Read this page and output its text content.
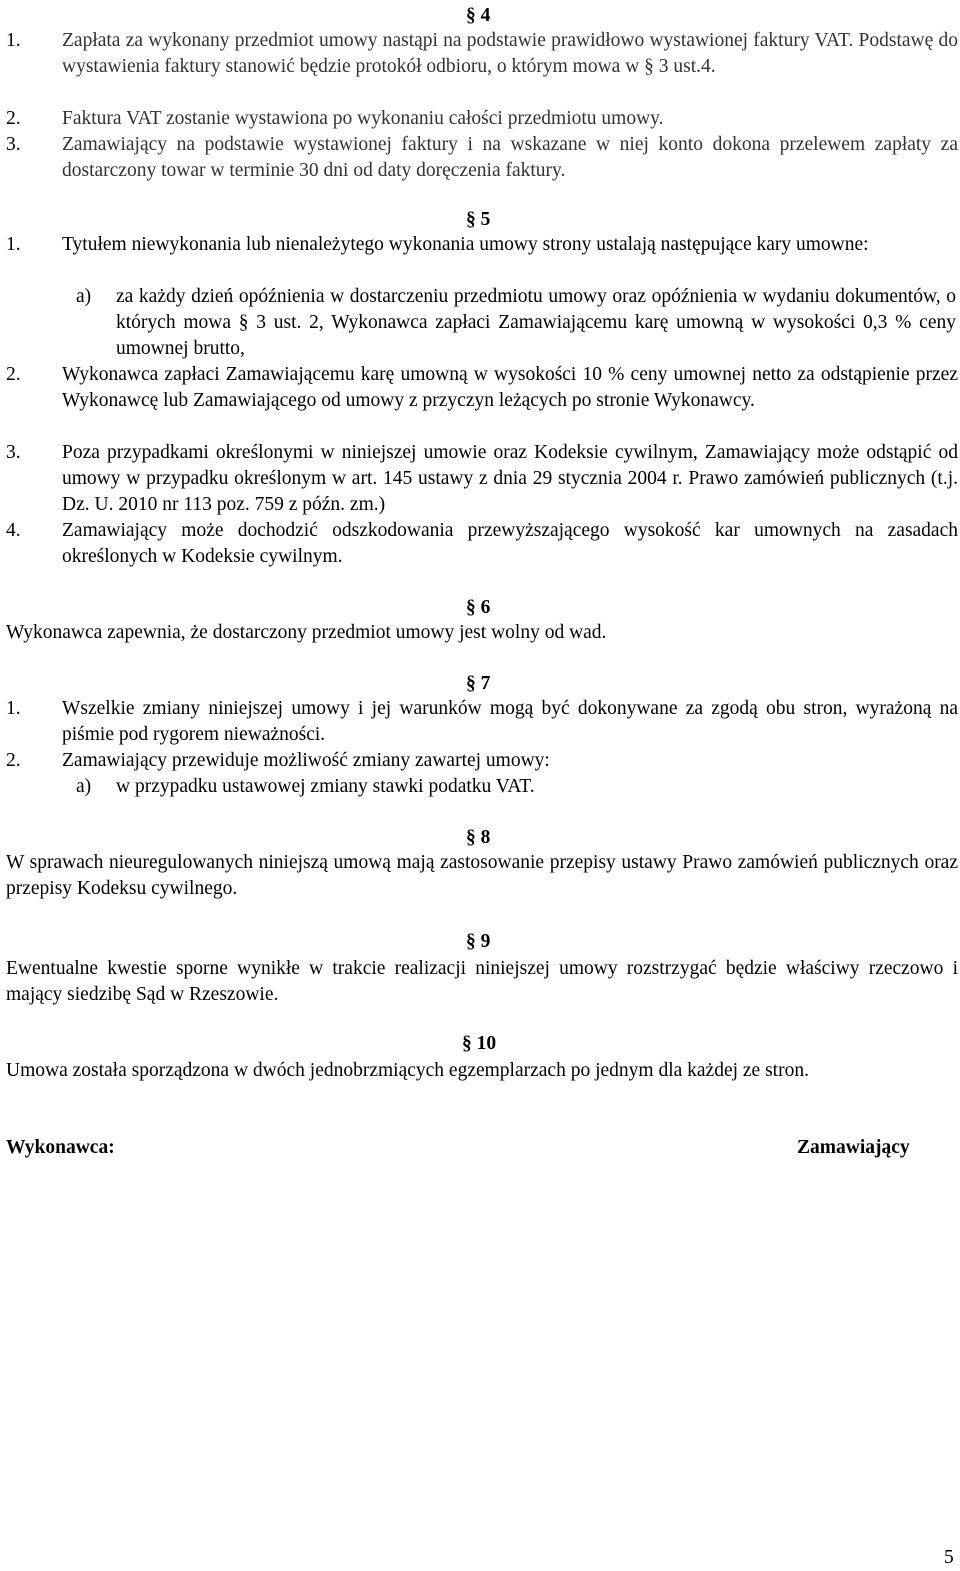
§ 4
1.	Zapłata za wykonany przedmiot umowy nastąpi na podstawie prawidłowo wystawionej faktury VAT. Podstawę do wystawienia faktury stanowić będzie protokół odbioru, o którym mowa w § 3 ust.4.
2.	Faktura VAT zostanie wystawiona po wykonaniu całości przedmiotu umowy.
3.	Zamawiający na podstawie wystawionej faktury i na wskazane w niej konto dokona przelewem zapłaty za dostarczony towar w terminie 30 dni od daty doręczenia faktury.
§ 5
1.	Tytułem niewykonania lub nienależytego wykonania umowy strony ustalają następujące kary umowne:
a) za każdy dzień opóźnienia w dostarczeniu przedmiotu umowy oraz opóźnienia w wydaniu dokumentów, o których mowa § 3 ust. 2, Wykonawca zapłaci Zamawiającemu karę umowną w wysokości 0,3 % ceny umownej brutto,
2.	Wykonawca zapłaci Zamawiającemu karę umowną w wysokości 10 % ceny umownej netto za odstąpienie przez Wykonawcę lub Zamawiającego od umowy z przyczyn leżących po stronie Wykonawcy.
3.	Poza przypadkami określonymi w niniejszej umowie oraz Kodeksie cywilnym, Zamawiający może odstąpić od umowy w przypadku określonym w art. 145 ustawy z dnia 29 stycznia 2004 r. Prawo zamówień publicznych (t.j. Dz. U. 2010 nr 113 poz. 759 z późn. zm.)
4.	Zamawiający może dochodzić odszkodowania przewyższającego wysokość kar umownych na zasadach określonych w Kodeksie cywilnym.
§ 6
Wykonawca zapewnia, że dostarczony przedmiot umowy jest wolny od wad.
§ 7
1.	Wszelkie zmiany niniejszej umowy i jej warunków mogą być dokonywane za zgodą obu stron, wyrażoną na piśmie pod rygorem nieważności.
2.	Zamawiający przewiduje możliwość zmiany zawartej umowy:
a) w przypadku ustawowej zmiany stawki podatku VAT.
§ 8
W sprawach nieuregulowanych niniejszą umową mają zastosowanie przepisy ustawy Prawo zamówień publicznych oraz przepisy Kodeksu cywilnego.
§ 9
Ewentualne kwestie sporne wynikłe w trakcie realizacji niniejszej umowy rozstrzygać będzie właściwy rzeczowo i mający siedzibę Sąd w Rzeszowie.
§ 10
Umowa została sporządzona w dwóch jednobrzmiących egzemplarzach po jednym dla każdej ze stron.
Wykonawca:	Zamawiający
5
